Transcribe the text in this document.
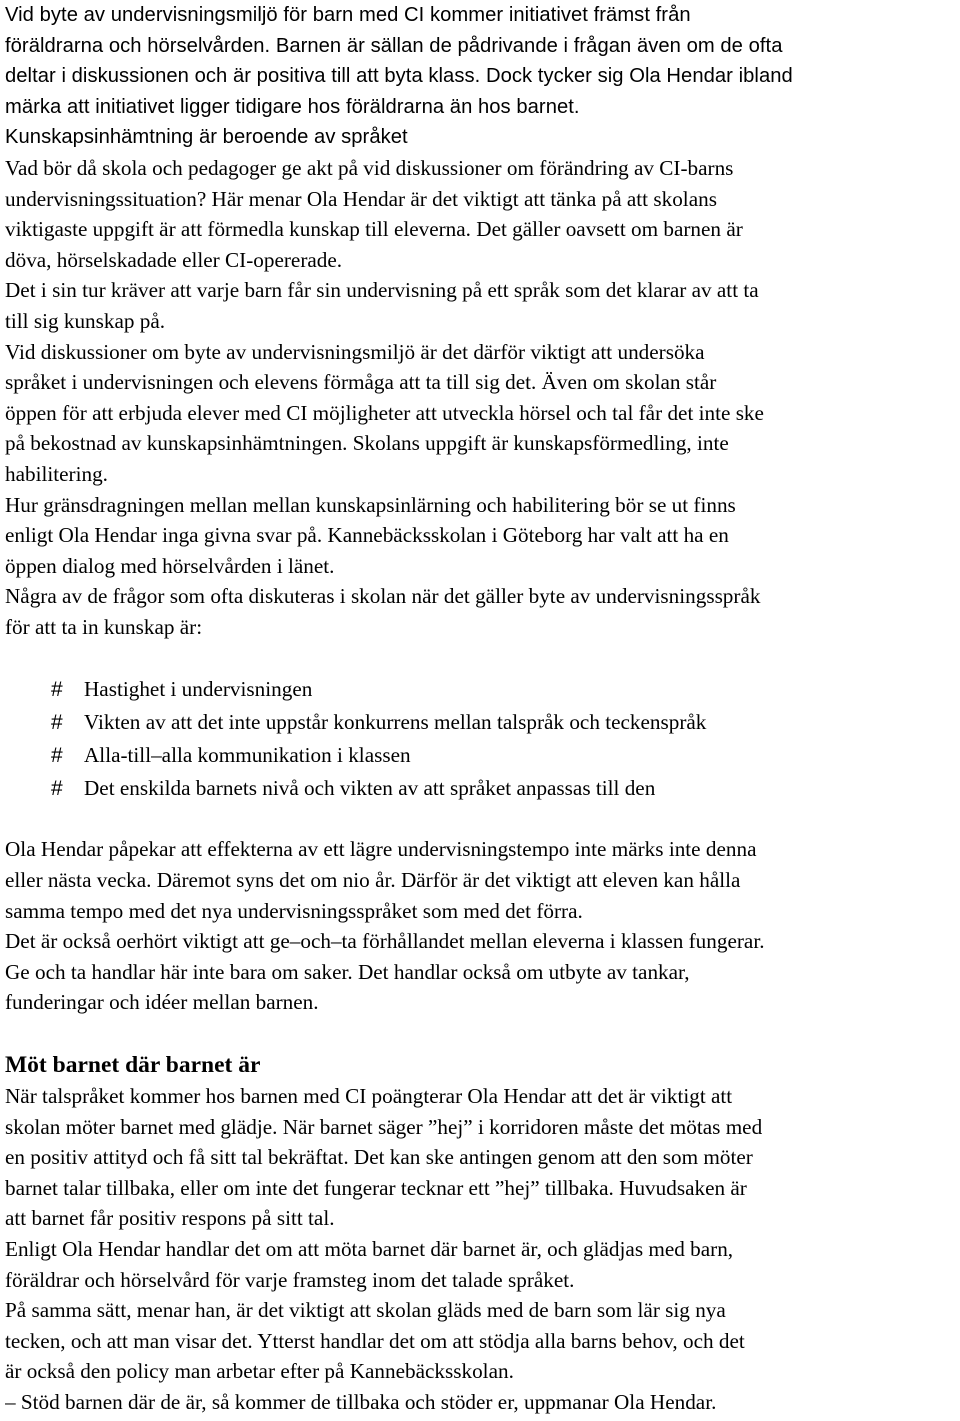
Vid byte av undervisningsmiljö för barn med CI kommer initiativet främst från
föräldrarna och hörselvården. Barnen är sällan de pådrivande i frågan även om de ofta
deltar i diskussionen och är positiva till att byta klass. Dock tycker sig Ola Hendar ibland
märka att initiativet ligger tidigare hos föräldrarna än hos barnet.
Kunskapsinhämtning är beroende av språket
Vad bör då skola och pedagoger ge akt på vid diskussioner om förändring av CI-barns
undervisningssituation? Här menar Ola Hendar är det viktigt att tänka på att skolans
viktigaste uppgift är att förmedla kunskap till eleverna. Det gäller oavsett om barnen är
döva, hörselskadade eller CI-opererade.
Det i sin tur kräver att varje barn får sin undervisning på ett språk som det klarar av att ta
till sig kunskap på.
Vid diskussioner om byte av undervisningsmiljö är det därför viktigt att undersöka
språket i undervisningen och elevens förmåga att ta till sig det. Även om skolan står
öppen för att erbjuda elever med CI möjligheter att utveckla hörsel och tal får det inte ske
på bekostnad av kunskapsinhämtningen. Skolans uppgift är kunskapsförmedling, inte
habilitering.
Hur gränsdragningen mellan mellan kunskapsinlärning och habilitering bör se ut finns
enligt Ola Hendar inga givna svar på. Kannebäcksskolan i Göteborg har valt att ha en
öppen dialog med hörselvården i länet.
Några av de frågor som ofta diskuteras i skolan när det gäller byte av undervisningsspråk
för att ta in kunskap är:
# Hastighet i undervisningen
# Vikten av att det inte uppstår konkurrens mellan talspråk och teckenspråk
# Alla-till–alla kommunikation i klassen
# Det enskilda barnets nivå och vikten av att språket anpassas till den
Ola Hendar påpekar att effekterna av ett lägre undervisningstempo inte märks inte denna
eller nästa vecka. Däremot syns det om nio år. Därför är det viktigt att eleven kan hålla
samma tempo med det nya undervisningsspråket som med det förra.
Det är också oerhört viktigt att ge–och–ta förhållandet mellan eleverna i klassen fungerar.
Ge och ta handlar här inte bara om saker. Det handlar också om utbyte av tankar,
funderingar och idéer mellan barnen.
Möt barnet där barnet är
När talspråket kommer hos barnen med CI poängterar Ola Hendar att det är viktigt att
skolan möter barnet med glädje. När barnet säger ”hej” i korridoren måste det mötas med
en positiv attityd och få sitt tal bekräftat. Det kan ske antingen genom att den som möter
barnet talar tillbaka, eller om inte det fungerar tecknar ett ”hej” tillbaka. Huvudsaken är
att barnet får positiv respons på sitt tal.
Enligt Ola Hendar handlar det om att möta barnet där barnet är, och glädjas med barn,
föräldrar och hörselvård för varje framsteg inom det talade språket.
På samma sätt, menar han, är det viktigt att skolan gläds med de barn som lär sig nya
tecken, och att man visar det. Ytterst handlar det om att stödja alla barns behov, och det
är också den policy man arbetar efter på Kannebäcksskolan.
– Stöd barnen där de är, så kommer de tillbaka och stöder er, uppmanar Ola Hendar.
